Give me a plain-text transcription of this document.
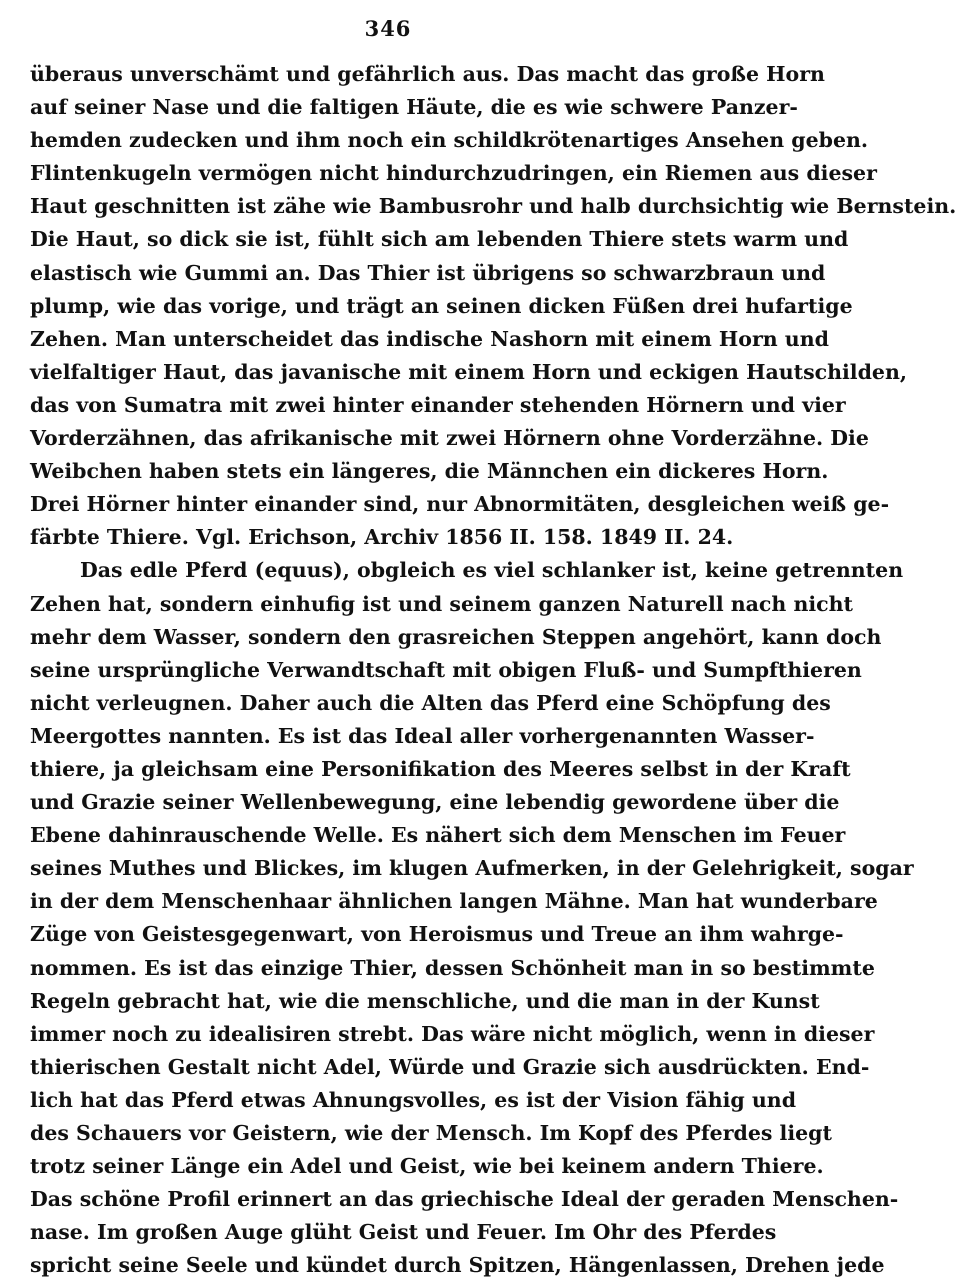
346
überaus unverschämt und gefährlich aus. Das macht das große Horn
auf seiner Nase und die faltigen Häute, die es wie schwere Panzer-
hemden zudecken und ihm noch ein schildkrötenartiges Ansehen geben.
Flintenkugeln vermögen nicht hindurchzudringen, ein Riemen aus dieser
Haut geschnitten ist zähe wie Bambusrohr und halb durchsichtig wie Bernstein.
Die Haut, so dick sie ist, fühlt sich am lebenden Thiere stets warm und
elastisch wie Gummi an. Das Thier ist übrigens so schwarzbraun und
plump, wie das vorige, und trägt an seinen dicken Füßen drei hufartige
Zehen. Man unterscheidet das indische Nashorn mit einem Horn und
vielfaltiger Haut, das javanische mit einem Horn und eckigen Hautschilden,
das von Sumatra mit zwei hinter einander stehenden Hörnern und vier
Vorderzähnen, das afrikanische mit zwei Hörnern ohne Vorderzähne. Die
Weibchen haben stets ein längeres, die Männchen ein dickeres Horn.
Drei Hörner hinter einander sind, nur Abnormitäten, desgleichen weiß ge-
färbte Thiere. Vgl. Erichson, Archiv 1856 II. 158. 1849 II. 24.
Das edle Pferd (equus), obgleich es viel schlanker ist, keine getrennten
Zehen hat, sondern einhufig ist und seinem ganzen Naturell nach nicht
mehr dem Wasser, sondern den grasreichen Steppen angehört, kann doch
seine ursprüngliche Verwandtschaft mit obigen Fluß- und Sumpfthieren
nicht verleugnen. Daher auch die Alten das Pferd eine Schöpfung des
Meergottes nannten. Es ist das Ideal aller vorhergenannten Wasser-
thiere, ja gleichsam eine Personifikation des Meeres selbst in der Kraft
und Grazie seiner Wellenbewegung, eine lebendig gewordene über die
Ebene dahinrauschende Welle. Es nähert sich dem Menschen im Feuer
seines Muthes und Blickes, im klugen Aufmerken, in der Gelehrigkeit, sogar
in der dem Menschenhaar ähnlichen langen Mähne. Man hat wunderbare
Züge von Geistesgegenwart, von Heroismus und Treue an ihm wahrge-
nommen. Es ist das einzige Thier, dessen Schönheit man in so bestimmte
Regeln gebracht hat, wie die menschliche, und die man in der Kunst
immer noch zu idealisiren strebt. Das wäre nicht möglich, wenn in dieser
thierischen Gestalt nicht Adel, Würde und Grazie sich ausdrückten. End-
lich hat das Pferd etwas Ahnungsvolles, es ist der Vision fähig und
des Schauers vor Geistern, wie der Mensch. Im Kopf des Pferdes liegt
trotz seiner Länge ein Adel und Geist, wie bei keinem andern Thiere.
Das schöne Profil erinnert an das griechische Ideal der geraden Menschen-
nase. Im großen Auge glüht Geist und Feuer. Im Ohr des Pferdes
spricht seine Seele und kündet durch Spitzen, Hängenlassen, Drehen jede
